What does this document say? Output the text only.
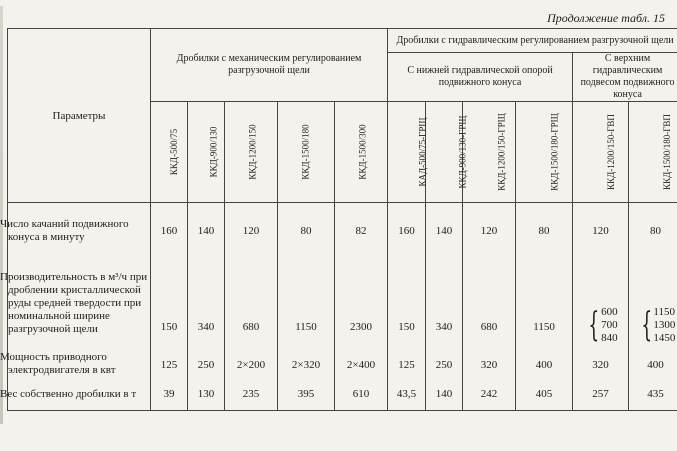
Продолжение табл. 15
Параметры	Дробилки с механическим регулированием разгрузочной щели					Дробилки с гидравлическим регулированием разгрузочной щели					
						С нижней гидравлической опорой подвижного конуса				С верхним гидравлическим подвесом подвижного конуса	
	ККД-500/75	ККД-900/130	ККД-1200/150	ККД-1500/180	ККД-1500/300	КАД-500/75-ГРЩ	ККД-900/130-ГРЩ	ККД-1200/150-ГРЩ	ККД-1500/180-ГРЩ	ККД-1200/150-ГВП	ККД-1500/180-ГВП
Число качаний подвижного конуса в минуту	160	140	120	80	82	160	140	120	80	120	80
Производительность в м³/ч при дроблении кристаллической руды средней твердости при номинальной ширине разгрузочной щели	150	340	680	1150	2300	150	340	680	1150	{ 600
700
840	{ 1150
1300
1450

Мощность приводного электродвигателя в квт	125	250	2×200	2×320	2×400	125	250	320	400	320	400
Вес собственно дробилки в т	39	130	235	395	610	43,5	140	242	405	257	435
